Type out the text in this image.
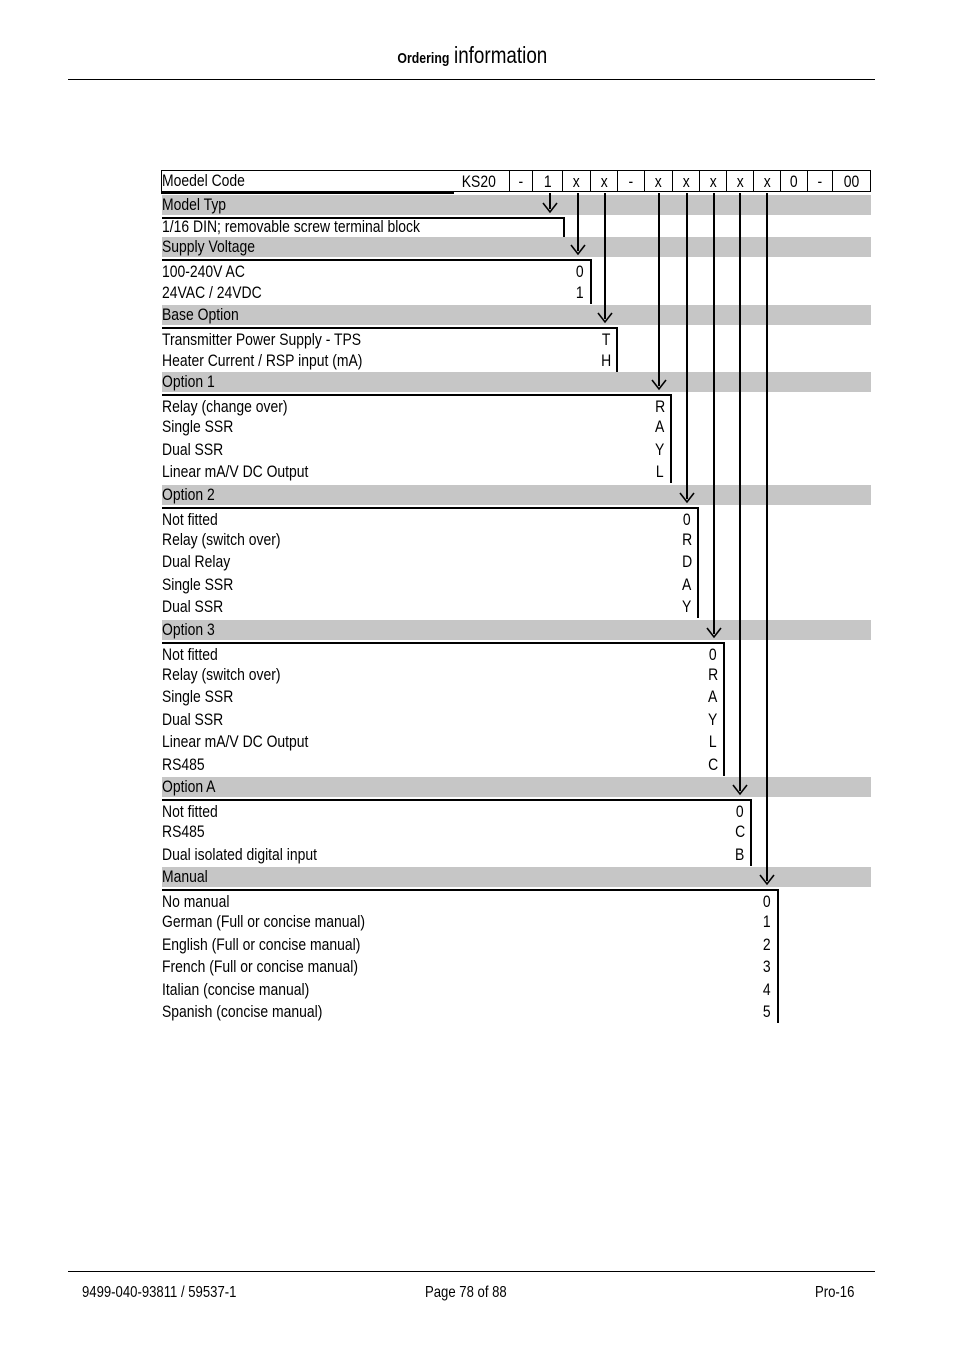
Ordering information
Moedel Code	KS20	-	1	x	x	-	x	x	x	x	x	0	-	00
Model Typ
1/16 DIN; removable screw terminal block
Supply Voltage
100-240V AC	0
24VAC / 24VDC	1
Base Option
Transmitter Power Supply - TPS	T
Heater Current / RSP input (mA)	H
Option 1
Relay (change over)	R
Single SSR	A
Dual SSR	Y
Linear mA/V DC Output	L
Option 2
Not fitted	0
Relay (switch over)	R
Dual Relay	D
Single SSR	A
Dual SSR	Y
Option 3
Not fitted	0
Relay (switch over)	R
Single SSR	A
Dual SSR	Y
Linear mA/V DC Output	L
RS485	C
Option A
Not fitted	0
RS485	C
Dual isolated digital input	B
Manual
No manual	0
German (Full or concise manual)	1
English (Full or concise manual)	2
French (Full or concise manual)	3
Italian (concise manual)	4
Spanish (concise manual)	5
9499-040-93811 / 59537-1	Page 78 of 88	Pro-16
